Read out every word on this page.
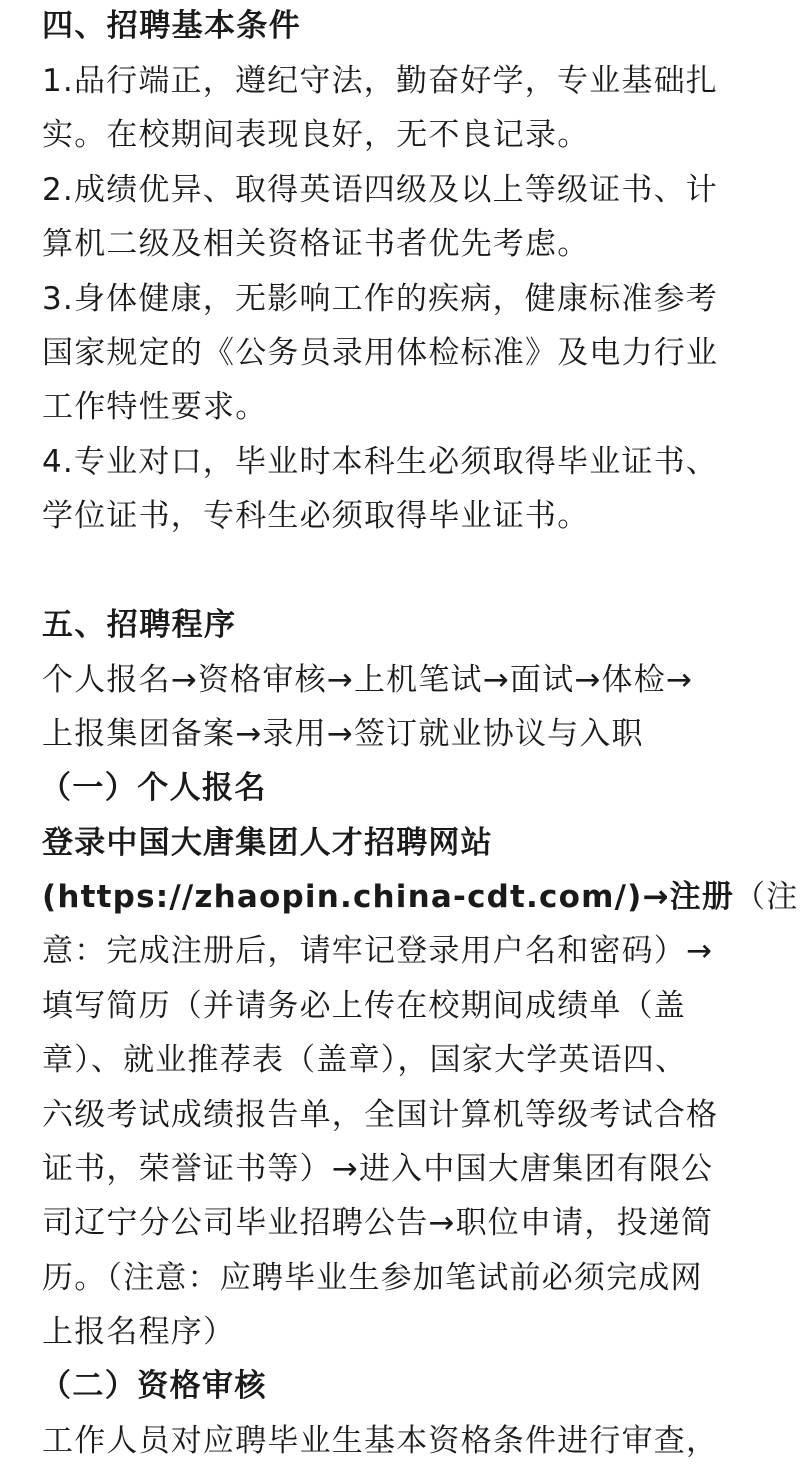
四、招聘基本条件
1.品行端正，遵纪守法，勤奋好学，专业基础扎
实。在校期间表现良好，无不良记录。
2.成绩优异、取得英语四级及以上等级证书、计
算机二级及相关资格证书者优先考虑。
3.身体健康，无影响工作的疾病，健康标准参考
国家规定的《公务员录用体检标准》及电力行业
工作特性要求。
4.专业对口，毕业时本科生必须取得毕业证书、
学位证书，专科生必须取得毕业证书。
五、招聘程序
个人报名→资格审核→上机笔试→面试→体检→
上报集团备案→录用→签订就业协议与入职
（一）个人报名
登录中国大唐集团人才招聘网站
(https://zhaopin.china-cdt.com/)→注册（注
意：完成注册后，请牢记登录用户名和密码）→
填写简历（并请务必上传在校期间成绩单（盖
章）、就业推荐表（盖章），国家大学英语四、
六级考试成绩报告单，全国计算机等级考试合格
证书，荣誉证书等）→进入中国大唐集团有限公
司辽宁分公司毕业招聘公告→职位申请，投递简
历。（注意：应聘毕业生参加笔试前必须完成网
上报名程序）
（二）资格审核
工作人员对应聘毕业生基本资格条件进行审查，
